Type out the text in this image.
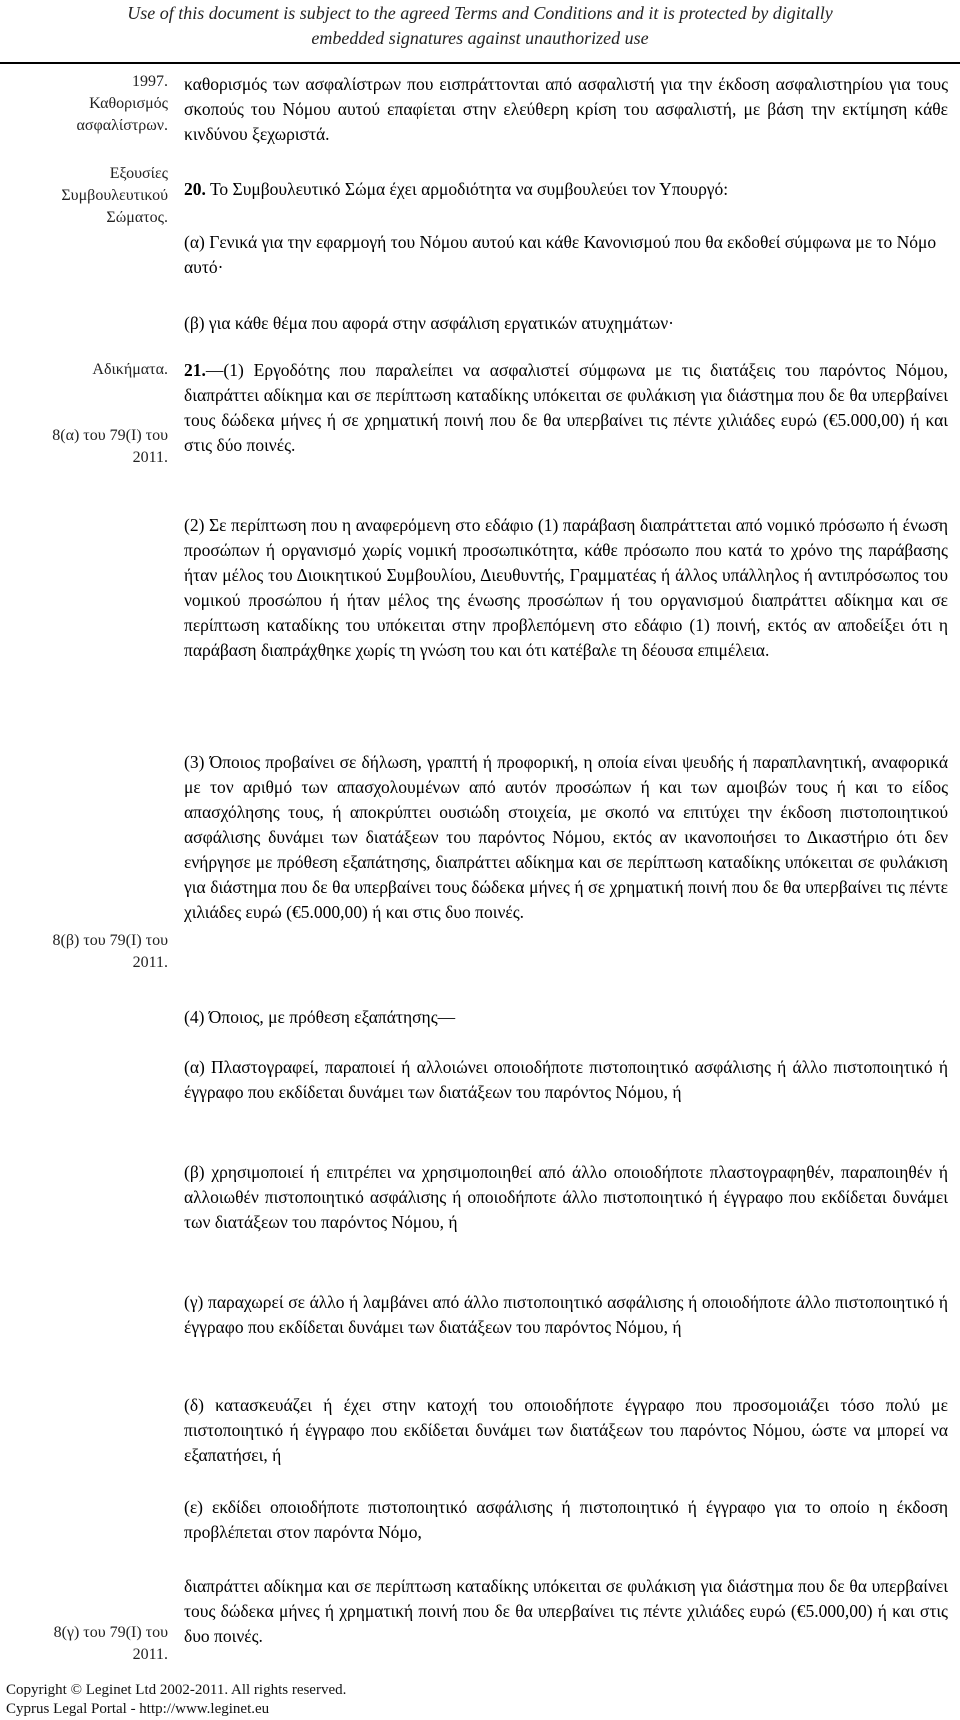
Use of this document is subject to the agreed Terms and Conditions and it is protected by digitally
embedded signatures against unauthorized use
1997.
Καθορισμός
ασφαλίστρων.
Εξουσίες
Συμβουλευτικού
Σώματος.
Αδικήματα.
8(α) του 79(Ι) του
2011.
8(β) του 79(Ι) του
2011.
8(γ) του 79(Ι) του
2011.
καθορισμός των ασφαλίστρων που εισπράττονται από ασφαλιστή για την έκδοση ασφαλιστηρίου για τους σκοπούς του Νόμου αυτού επαφίεται στην ελεύθερη κρίση του ασφαλιστή, με βάση την εκτίμηση κάθε κινδύνου ξεχωριστά.
20. Το Συμβουλευτικό Σώμα έχει αρμοδιότητα να συμβουλεύει τον Υπουργό:
(α) Γενικά για την εφαρμογή του Νόμου αυτού και κάθε Κανονισμού που θα εκδοθεί σύμφωνα με το Νόμο αυτό·
(β) για κάθε θέμα που αφορά στην ασφάλιση εργατικών ατυχημάτων·
21.—(1) Εργοδότης που παραλείπει να ασφαλιστεί σύμφωνα με τις διατάξεις του παρόντος Νόμου, διαπράττει αδίκημα και σε περίπτωση καταδίκης υπόκειται σε φυλάκιση για διάστημα που δε θα υπερβαίνει τους δώδεκα μήνες ή σε χρηματική ποινή που δε θα υπερβαίνει τις πέντε χιλιάδες ευρώ (€5.000,00) ή και στις δύο ποινές.
(2) Σε περίπτωση που η αναφερόμενη στο εδάφιο (1) παράβαση διαπράττεται από νομικό πρόσωπο ή ένωση προσώπων ή οργανισμό χωρίς νομική προσωπικότητα, κάθε πρόσωπο που κατά το χρόνο της παράβασης ήταν μέλος του Διοικητικού Συμβουλίου, Διευθυντής, Γραμματέας ή άλλος υπάλληλος ή αντιπρόσωπος του νομικού προσώπου ή ήταν μέλος της ένωσης προσώπων ή του οργανισμού διαπράττει αδίκημα και σε περίπτωση καταδίκης του υπόκειται στην προβλεπόμενη στο εδάφιο (1) ποινή, εκτός αν αποδείξει ότι η παράβαση διαπράχθηκε χωρίς τη γνώση του και ότι κατέβαλε τη δέουσα επιμέλεια.
(3) Όποιος προβαίνει σε δήλωση, γραπτή ή προφορική, η οποία είναι ψευδής ή παραπλανητική, αναφορικά με τον αριθμό των απασχολουμένων από αυτόν προσώπων ή και των αμοιβών τους ή και το είδος απασχόλησης τους, ή αποκρύπτει ουσιώδη στοιχεία, με σκοπό να επιτύχει την έκδοση πιστοποιητικού ασφάλισης δυνάμει των διατάξεων του παρόντος Νόμου, εκτός αν ικανοποιήσει το Δικαστήριο ότι δεν ενήργησε με πρόθεση εξαπάτησης, διαπράττει αδίκημα και σε περίπτωση καταδίκης υπόκειται σε φυλάκιση για διάστημα που δε θα υπερβαίνει τους δώδεκα μήνες ή σε χρηματική ποινή που δε θα υπερβαίνει τις πέντε χιλιάδες ευρώ (€5.000,00) ή και στις δυο ποινές.
(4) Όποιος, με πρόθεση εξαπάτησης—
(α) Πλαστογραφεί, παραποιεί ή αλλοιώνει οποιοδήποτε πιστοποιητικό ασφάλισης ή άλλο πιστοποιητικό ή έγγραφο που εκδίδεται δυνάμει των διατάξεων του παρόντος Νόμου, ή
(β) χρησιμοποιεί ή επιτρέπει να χρησιμοποιηθεί από άλλο οποιοδήποτε πλαστογραφηθέν, παραποιηθέν ή αλλοιωθέν πιστοποιητικό ασφάλισης ή οποιοδήποτε άλλο πιστοποιητικό ή έγγραφο που εκδίδεται δυνάμει των διατάξεων του παρόντος Νόμου, ή
(γ) παραχωρεί σε άλλο ή λαμβάνει από άλλο πιστοποιητικό ασφάλισης ή οποιοδήποτε άλλο πιστοποιητικό ή έγγραφο που εκδίδεται δυνάμει των διατάξεων του παρόντος Νόμου, ή
(δ) κατασκευάζει ή έχει στην κατοχή του οποιοδήποτε έγγραφο που προσομοιάζει τόσο πολύ με πιστοποιητικό ή έγγραφο που εκδίδεται δυνάμει των διατάξεων του παρόντος Νόμου, ώστε να μπορεί να εξαπατήσει, ή
(ε) εκδίδει οποιοδήποτε πιστοποιητικό ασφάλισης ή πιστοποιητικό ή έγγραφο για το οποίο η έκδοση προβλέπεται στον παρόντα Νόμο,
διαπράττει αδίκημα και σε περίπτωση καταδίκης υπόκειται σε φυλάκιση για διάστημα που δε θα υπερβαίνει τους δώδεκα μήνες ή χρηματική ποινή που δε θα υπερβαίνει τις πέντε χιλιάδες ευρώ (€5.000,00) ή και στις δυο ποινές.
Copyright © Leginet Ltd 2002-2011. All rights reserved.
Cyprus Legal Portal - http://www.leginet.eu
